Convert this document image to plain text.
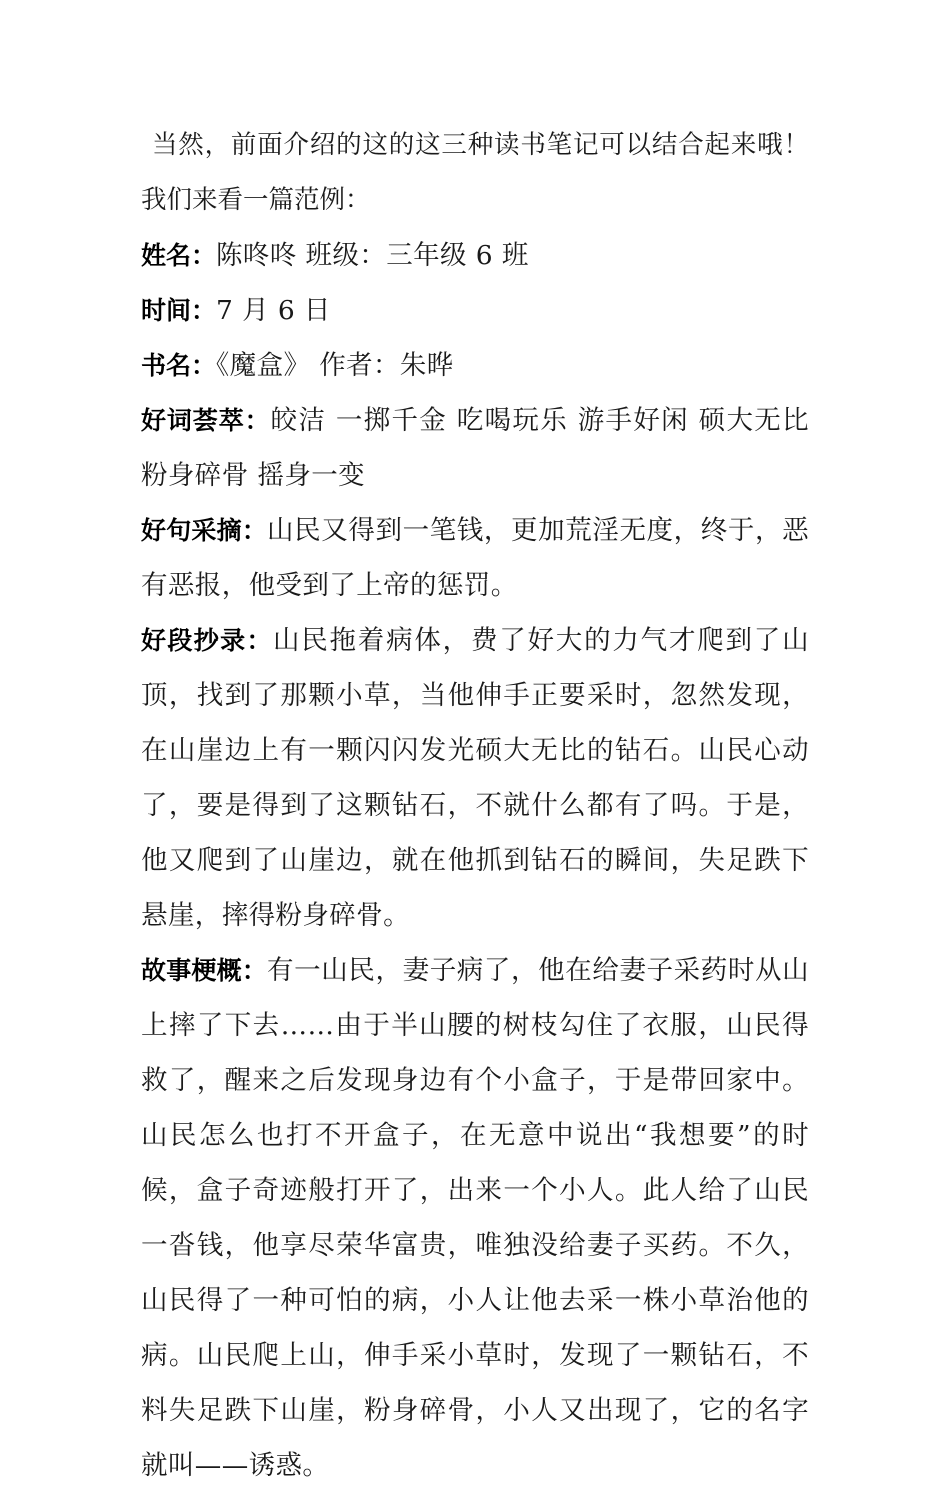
当然，前面介绍的这的这三种读书笔记可以结合起来哦！我们来看一篇范例：

姓名：陈咚咚 班级：三年级 6 班

时间：7 月 6 日

书名：《魔盒》 作者：朱晔

好词荟萃：皎洁 一掷千金 吃喝玩乐 游手好闲 硕大无比 粉身碎骨 摇身一变

好句采摘：山民又得到一笔钱，更加荒淫无度，终于，恶有恶报，他受到了上帝的惩罚。

好段抄录：山民拖着病体，费了好大的力气才爬到了山顶，找到了那颗小草，当他伸手正要采时，忽然发现，在山崖边上有一颗闪闪发光硕大无比的钻石。山民心动了，要是得到了这颗钻石，不就什么都有了吗。于是，他又爬到了山崖边，就在他抓到钻石的瞬间，失足跌下悬崖，摔得粉身碎骨。

故事梗概：有一山民，妻子病了，他在给妻子采药时从山上摔了下去……由于半山腰的树枝勾住了衣服，山民得救了，醒来之后发现身边有个小盒子，于是带回家中。山民怎么也打不开盒子，在无意中说出“我想要”的时候，盒子奇迹般打开了，出来一个小人。此人给了山民一沓钱，他享尽荣华富贵，唯独没给妻子买药。不久，山民得了一种可怕的病，小人让他去采一株小草治他的病。山民爬上山，伸手采小草时，发现了一颗钻石，不料失足跌下山崖，粉身碎骨，小人又出现了，它的名字就叫——诱惑。
